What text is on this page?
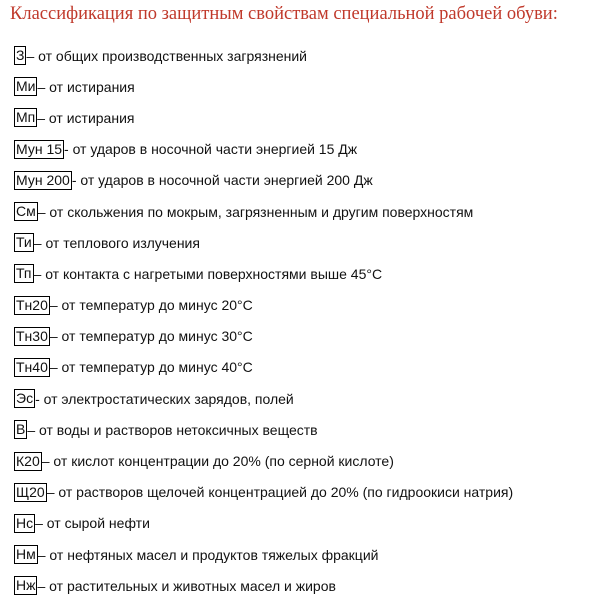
Классификация по защитным свойствам специальной рабочей обуви:
З – от общих производственных загрязнений
Ми – от истирания
Мп – от истирания
Мун 15 - от ударов в носочной части энергией 15 Дж
Мун 200 - от ударов в носочной части энергией 200 Дж
См – от скольжения по мокрым, загрязненным и другим поверхностям
Ти – от теплового излучения
Тп – от контакта с нагретыми поверхностями выше 45°С
Тн20 – от температур до минус 20°С
Тн30 – от температур до минус 30°С
Тн40 – от температур до минус 40°С
Эс - от электростатических зарядов, полей
В – от воды и растворов нетоксичных веществ
К20 – от кислот концентрации до 20% (по серной кислоте)
Щ20 – от растворов щелочей концентрацией до 20% (по гидроокиси натрия)
Нс – от сырой нефти
Нм – от нефтяных масел и продуктов тяжелых фракций
Нж – от растительных и животных масел и жиров
